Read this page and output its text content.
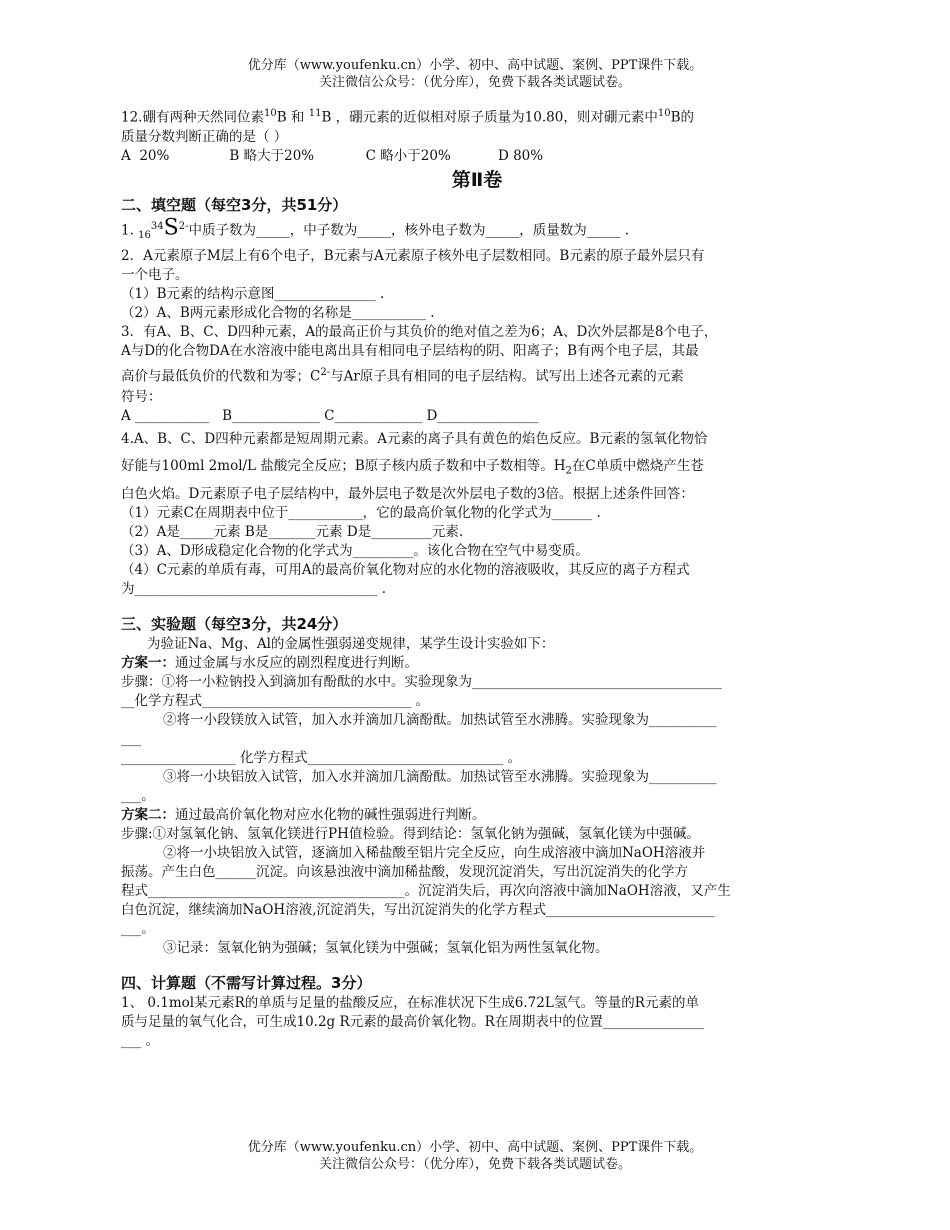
优分库（www.youfenku.cn）小学、初中、高中试题、案例、PPT课件下载。
关注微信公众号：（优分库），免费下载各类试题试卷。

12.硼有两种天然同位素$^{10}$B 和 $^{11}$B ，硼元素的近似相对原子质量为10.80，则对硼元素中$^{10}$B的

质量分数判断正确的是（ ）

A  20%              B 略大于20%            C 略小于20%           D 80%

第Ⅱ卷
二、填空题（每空3分，共51分）

1. $_{16}^{34}S^{2-}$中质子数为_____，中子数为_____，核外电子数为_____，质量数为_____ .

2．A元素原子M层上有6个电子，B元素与A元素原子核外电子层数相同。B元素的原子最外层只有

一个电子。

（1）B元素的结构示意图_______________ .

（2）A、B两元素形成化合物的名称是___________ .

3．有A、B、C、D四种元素，A的最高正价与其负价的绝对值之差为6；A、D次外层都是8个电子，

A与D的化合物DA在水溶液中能电离出具有相同电子层结构的阴、阳离子；B有两个电子层，其最

高价与最低负价的代数和为零；$C^{2-}$与Ar原子具有相同的电子层结构。试写出上述各元素的元素

符号：

A ___________   B_____________ C_____________ D_______________

4.A、B、C、D四种元素都是短周期元素。A元素的离子具有黄色的焰色反应。B元素的氢氧化物恰

好能与100ml 2mol/L 盐酸完全反应；B原子核内质子数和中子数相等。$H_2$在C单质中燃烧产生苍

白色火焰。D元素原子电子层结构中，最外层电子数是次外层电子数的3倍。根据上述条件回答：

（1）元素C在周期表中位于___________，它的最高价氧化物的化学式为______ .

（2）A是_____元素 B是_______元素 D是_________元素.

（3）A、D形成稳定化合物的化学式为_________。该化合物在空气中易变质。

（4）C元素的单质有毒，可用A的最高价氧化物对应的水化物的溶液吸收，其反应的离子方程式

为____________________________________ .

三、实验题（每空3分，共24分）

为验证Na、Mg、Al的金属性强弱递变规律，某学生设计实验如下：

方案一：通过金属与水反应的剧烈程度进行判断。

步骤：①将一小粒钠投入到滴加有酚酞的水中。实验现象为_____________________________________

__化学方程式_______________________________ 。

②将一小段镁放入试管，加入水并滴加几滴酚酞。加热试管至水沸腾。实验现象为__________

___

_________________ 化学方程式_____________________________ 。

③将一小块铝放入试管，加入水并滴加几滴酚酞。加热试管至水沸腾。实验现象为__________

___。

方案二：通过最高价氧化物对应水化物的碱性强弱进行判断。

步骤:①对氢氧化钠、氢氧化镁进行PH值检验。得到结论：氢氧化钠为强碱，氢氧化镁为中强碱。

②将一小块铝放入试管，逐滴加入稀盐酸至铝片完全反应，向生成溶液中滴加NaOH溶液并

振荡。产生白色______沉淀。向该悬浊液中滴加稀盐酸，发现沉淀消失，写出沉淀消失的化学方

程式______________________________________。沉淀消失后，再次向溶液中滴加NaOH溶液，又产生

白色沉淀，继续滴加NaOH溶液,沉淀消失，写出沉淀消失的化学方程式_________________________

___。

③记录：氢氧化钠为强碱；氢氧化镁为中强碱；氢氧化铝为两性氢氧化物。

四、计算题（不需写计算过程。3分）

1、 0.1mol某元素R的单质与足量的盐酸反应，在标准状况下生成6.72L氢气。等量的R元素的单

质与足量的氧气化合，可生成10.2g R元素的最高价氧化物。R在周期表中的位置_______________

___ 。

优分库（www.youfenku.cn）小学、初中、高中试题、案例、PPT课件下载。
关注微信公众号：（优分库），免费下载各类试题试卷。
